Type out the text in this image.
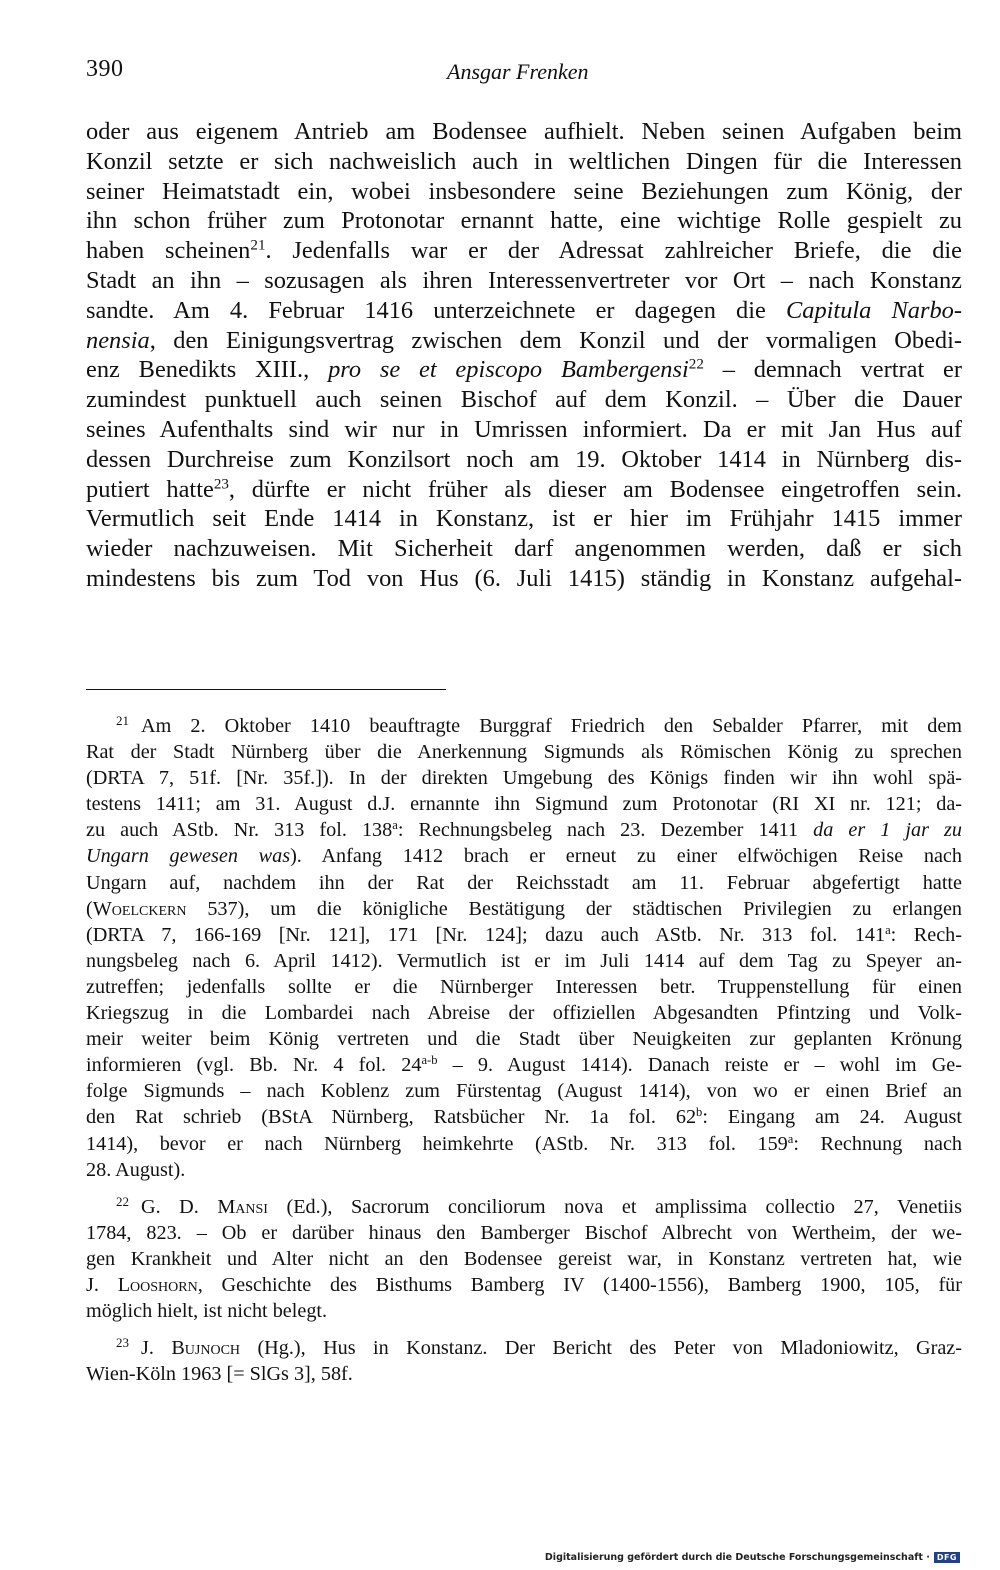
390	Ansgar Frenken
oder aus eigenem Antrieb am Bodensee aufhielt. Neben seinen Aufgaben beim
Konzil setzte er sich nachweislich auch in weltlichen Dingen für die Interessen
seiner Heimatstadt ein, wobei insbesondere seine Beziehungen zum König, der
ihn schon früher zum Protonotar ernannt hatte, eine wichtige Rolle gespielt zu
haben scheinen$^{21}$. Jedenfalls war er der Adressat zahlreicher Briefe, die die
Stadt an ihn – sozusagen als ihren Interessenvertreter vor Ort – nach Konstanz
sandte. Am 4. Februar 1416 unterzeichnete er dagegen die Capitula Narbo-
nensia, den Einigungsvertrag zwischen dem Konzil und der vormaligen Obedi-
enz Benedikts XIII., pro se et episcopo Bambergensi$^{22}$ – demnach vertrat er
zumindest punktuell auch seinen Bischof auf dem Konzil. – Über die Dauer
seines Aufenthalts sind wir nur in Umrissen informiert. Da er mit Jan Hus auf
dessen Durchreise zum Konzilsort noch am 19. Oktober 1414 in Nürnberg dis-
putiert hatte$^{23}$, dürfte er nicht früher als dieser am Bodensee eingetroffen sein.
Vermutlich seit Ende 1414 in Konstanz, ist er hier im Frühjahr 1415 immer
wieder nachzuweisen. Mit Sicherheit darf angenommen werden, daß er sich
mindestens bis zum Tod von Hus (6. Juli 1415) ständig in Konstanz aufgehal-
$^{21}$ Am 2. Oktober 1410 beauftragte Burggraf Friedrich den Sebalder Pfarrer, mit dem
Rat der Stadt Nürnberg über die Anerkennung Sigmunds als Römischen König zu sprechen
(DRTA 7, 51f. [Nr. 35f.]). In der direkten Umgebung des Königs finden wir ihn wohl spä-
testens 1411; am 31. August d.J. ernannte ihn Sigmund zum Protonotar (RI XI nr. 121; da-
zu auch AStb. Nr. 313 fol. 138$^a$: Rechnungsbeleg nach 23. Dezember 1411 da er 1 jar zu
Ungarn gewesen was). Anfang 1412 brach er erneut zu einer elfwöchigen Reise nach
Ungarn auf, nachdem ihn der Rat der Reichsstadt am 11. Februar abgefertigt hatte
(Woelckern 537), um die königliche Bestätigung der städtischen Privilegien zu erlangen
(DRTA 7, 166-169 [Nr. 121], 171 [Nr. 124]; dazu auch AStb. Nr. 313 fol. 141$^a$: Rech-
nungsbeleg nach 6. April 1412). Vermutlich ist er im Juli 1414 auf dem Tag zu Speyer an-
zutreffen; jedenfalls sollte er die Nürnberger Interessen betr. Truppenstellung für einen
Kriegszug in die Lombardei nach Abreise der offiziellen Abgesandten Pfintzing und Volk-
meir weiter beim König vertreten und die Stadt über Neuigkeiten zur geplanten Krönung
informieren (vgl. Bb. Nr. 4 fol. 24$^{a-b}$ – 9. August 1414). Danach reiste er – wohl im Ge-
folge Sigmunds – nach Koblenz zum Fürstentag (August 1414), von wo er einen Brief an
den Rat schrieb (BStA Nürnberg, Ratsbücher Nr. 1a fol. 62$^b$: Eingang am 24. August
1414), bevor er nach Nürnberg heimkehrte (AStb. Nr. 313 fol. 159$^a$: Rechnung nach
28. August).
$^{22}$ G. D. Mansi (Ed.), Sacrorum conciliorum nova et amplissima collectio 27, Venetiis
1784, 823. – Ob er darüber hinaus den Bamberger Bischof Albrecht von Wertheim, der we-
gen Krankheit und Alter nicht an den Bodensee gereist war, in Konstanz vertreten hat, wie
J. Looshorn, Geschichte des Bisthums Bamberg IV (1400-1556), Bamberg 1900, 105, für
möglich hielt, ist nicht belegt.
$^{23}$ J. Bujnoch (Hg.), Hus in Konstanz. Der Bericht des Peter von Mladoniowitz, Graz-
Wien-Köln 1963 [= SlGs 3], 58f.
Digitalisierung gefördert durch die Deutsche Forschungsgemeinschaft · DFG
